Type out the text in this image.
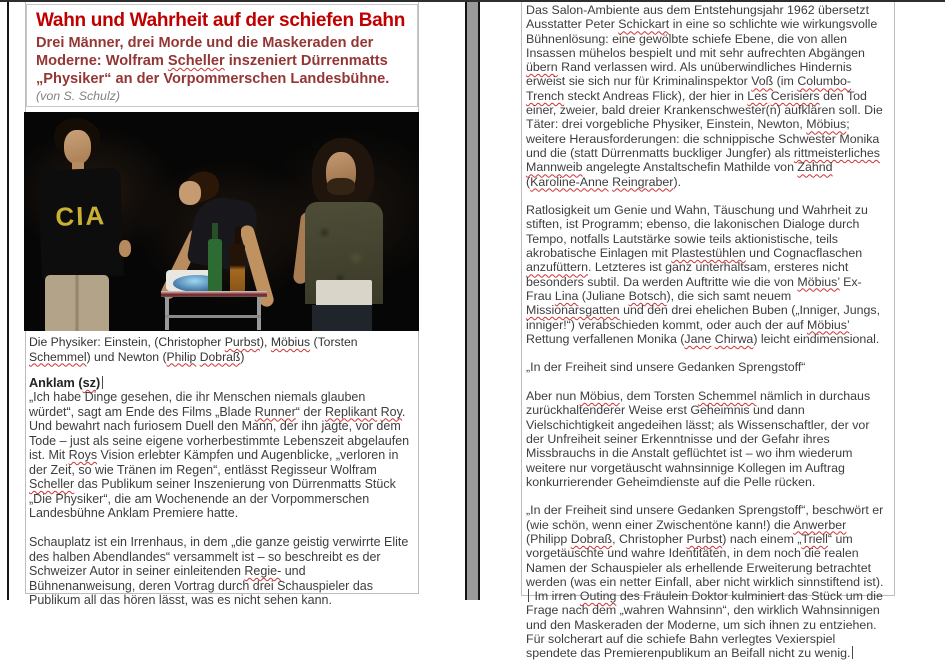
Wahn und Wahrheit auf der schiefen Bahn
Drei Männer, drei Morde und die Maskeraden der Moderne: Wolfram Scheller inszeniert Dürrenmatts „Physiker“ an der Vorpommerschen Landesbühne.
(von S. Schulz)
CIA
Die Physiker: Einstein, (Christopher Purbst), Möbius (Torsten Schemmel) und Newton (Philip Dobraß)
Anklam (sz)

„Ich habe Dinge gesehen, die ihr Menschen niemals glauben würdet“, sagt am Ende des Films „Blade Runner“ der Replikant Roy. Und bewahrt nach furiosem Duell den Mann, der ihn jagte, vor dem Tode – just als seine eigene vorherbestimmte Lebenszeit abgelaufen ist. Mit Roys Vision erlebter Kämpfen und Augenblicke, „verloren in der Zeit, so wie Tränen im Regen“, entlässt Regisseur Wolfram Scheller das Publikum seiner Inszenierung von Dürrenmatts Stück „Die Physiker“, die am Wochenende an der Vorpommerschen Landesbühne Anklam Premiere hatte.

Schauplatz ist ein Irrenhaus, in dem „die ganze geistig verwirrte Elite des halben Abendlandes“ versammelt ist – so beschreibt es der Schweizer Autor in seiner einleitenden Regie- und Bühnenanweisung, deren Vortrag durch drei Schauspieler das Publikum all das hören lässt, was es nicht sehen kann.

Das Salon-Ambiente aus dem Entstehungsjahr 1962 übersetzt Ausstatter Peter Schickart in eine so schlichte wie wirkungsvolle Bühnenlösung: eine gewölbte schiefe Ebene, die von allen Insassen mühelos bespielt und mit sehr aufrechten Abgängen übern Rand verlassen wird. Als unüberwindliches Hindernis erweist sie sich nur für Kriminalinspektor Voß (im Columbo-Trench steckt Andreas Flick), der hier in Les Cerisiers den Tod einer, zweier, bald dreier Krankenschwester(n) aufklären soll. Die Täter: drei vorgebliche Physiker, Einstein, Newton, Möbius; weitere Herausforderungen: die schnippische Schwester Monika und die (statt Dürrenmatts buckliger Jungfer) als rittmeisterliches Mannweib angelegte Anstaltschefin Mathilde von Zahnd (Karoline-Anne Reingraber).

Ratlosigkeit um Genie und Wahn, Täuschung und Wahrheit zu stiften, ist Programm; ebenso, die lakonischen Dialoge durch Tempo, notfalls Lautstärke sowie teils aktionistische, teils akrobatische Einlagen mit Plastestühlen und Cognacflaschen anzufüttern. Letzteres ist ganz unterhaltsam, ersteres nicht besonders subtil. Da werden Auftritte wie die von Möbius’ Ex-Frau Lina (Juliane Botsch), die sich samt neuem Missionarsgatten und den drei ehelichen Buben („Inniger, Jungs, inniger!“) verabschieden kommt, oder auch der auf Möbius’ Rettung verfallenen Monika (Jane Chirwa) leicht eindimensional.

„In der Freiheit sind unsere Gedanken Sprengstoff“

Aber nun Möbius, dem Torsten Schemmel nämlich in durchaus zurückhaltenderer Weise erst Geheimnis und dann Vielschichtigkeit angedeihen lässt; als Wissenschaftler, der vor der Unfreiheit seiner Erkenntnisse und der Gefahr ihres Missbrauchs in die Anstalt geflüchtet ist – wo ihm wiederum weitere nur vorgetäuscht wahnsinnige Kollegen im Auftrag konkurrierender Geheimdienste auf die Pelle rücken.

„In der Freiheit sind unsere Gedanken Sprengstoff“, beschwört er (wie schön, wenn einer Zwischentöne kann!) die Anwerber (Philipp Dobraß, Christopher Purbst) nach einem „Triell“ um vorgetäuschte und wahre Identitäten, in dem noch die realen Namen der Schauspieler als erhellende Erweiterung betrachtet werden (was ein netter Einfall, aber nicht wirklich sinnstiftend ist). Im irren Outing des Fräulein Doktor kulminiert das Stück um die Frage nach dem „wahren Wahnsinn“, den wirklich Wahnsinnigen und den Maskeraden der Moderne, um sich ihnen zu entziehen. Für solcherart auf die schiefe Bahn verlegtes Vexierspiel spendete das Premierenpublikum an Beifall nicht zu wenig.
